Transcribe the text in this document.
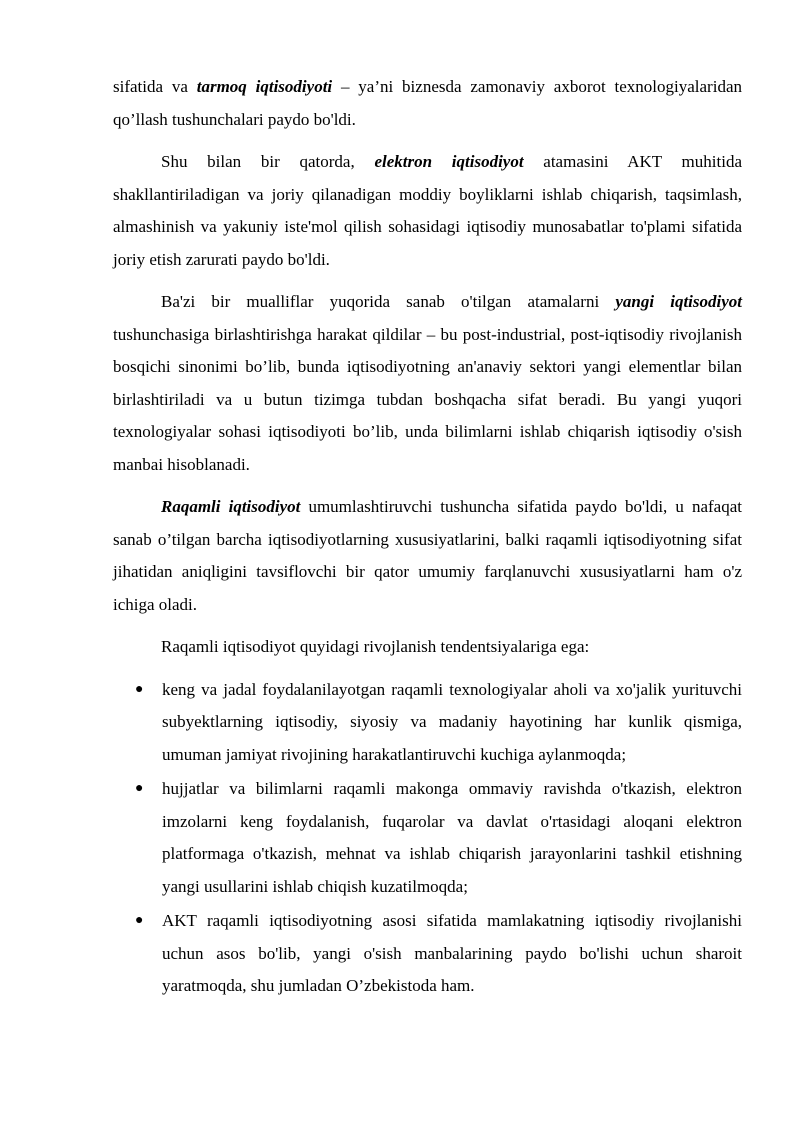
sifatida va tarmoq iqtisodiyoti – ya’ni biznesda zamonaviy axborot texnologiyalaridan qo’llash tushunchalari paydo bo'ldi.

Shu bilan bir qatorda, elektron iqtisodiyot atamasini AKT muhitida shakllantiriladigan va joriy qilanadigan moddiy boyliklarni ishlab chiqarish, taqsimlash, almashinish va yakuniy iste'mol qilish sohasidagi iqtisodiy munosabatlar to'plami sifatida joriy etish zarurati paydo bo'ldi.

Ba'zi bir mualliflar yuqorida sanab o'tilgan atamalarni yangi iqtisodiyot tushunchasiga birlashtirishga harakat qildilar – bu post-industrial, post-iqtisodiy rivojlanish bosqichi sinonimi bo’lib, bunda iqtisodiyotning an'anaviy sektori yangi elementlar bilan birlashtiriladi va u butun tizimga tubdan boshqacha sifat beradi. Bu yangi yuqori texnologiyalar sohasi iqtisodiyoti bo’lib, unda bilimlarni ishlab chiqarish iqtisodiy o'sish manbai hisoblanadi.

Raqamli iqtisodiyot umumlashtiruvchi tushuncha sifatida paydo bo'ldi, u nafaqat sanab o’tilgan barcha iqtisodiyotlarning xususiyatlarini, balki raqamli iqtisodiyotning sifat jihatidan aniqligini tavsiflovchi bir qator umumiy farqlanuvchi xususiyatlarni ham o'z ichiga oladi.

Raqamli iqtisodiyot quyidagi rivojlanish tendentsiyalariga ega:

● keng va jadal foydalanilayotgan raqamli texnologiyalar aholi va xo'jalik yurituvchi subyektlarning iqtisodiy, siyosiy va madaniy hayotining har kunlik qismiga, umuman jamiyat rivojining harakatlantiruvchi kuchiga aylanmoqda;
● hujjatlar va bilimlarni raqamli makonga ommaviy ravishda o'tkazish, elektron imzolarni keng foydalanish, fuqarolar va davlat o'rtasidagi aloqani elektron platformaga o'tkazish, mehnat va ishlab chiqarish jarayonlarini tashkil etishning yangi usullarini ishlab chiqish kuzatilmoqda;
● AKT raqamli iqtisodiyotning asosi sifatida mamlakatning iqtisodiy rivojlanishi uchun asos bo'lib, yangi o'sish manbalarining paydo bo'lishi uchun sharoit yaratmoqda, shu jumladan O’zbekistoda ham.
